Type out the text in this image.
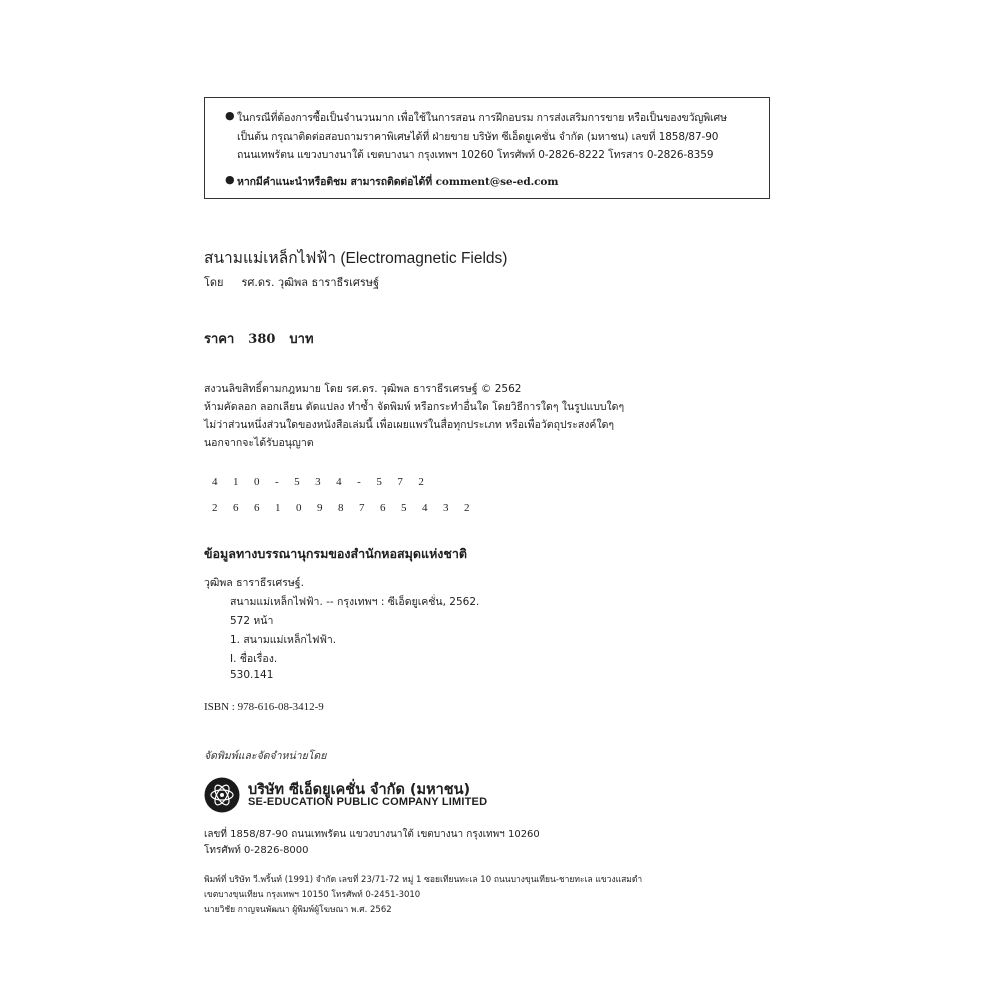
● ในกรณีที่ต้องการซื้อเป็นจำนวนมาก เพื่อใช้ในการสอน การฝึกอบรม การส่งเสริมการขาย หรือเป็นของขวัญพิเศษ
เป็นต้น กรุณาติดต่อสอบถามราคาพิเศษได้ที่ ฝ่ายขาย บริษัท ซีเอ็ดยูเคชั่น จำกัด (มหาชน) เลขที่ 1858/87-90
ถนนเทพรัตน แขวงบางนาใต้ เขตบางนา กรุงเทพฯ 10260 โทรศัพท์ 0-2826-8222 โทรสาร 0-2826-8359
● หากมีคำแนะนำหรือติชม สามารถติดต่อได้ที่ comment@se-ed.com
สนามแม่เหล็กไฟฟ้า (Electromagnetic Fields)
โดย รศ.ดร. วุฒิพล ธาราธีรเศรษฐ์
ราคา 380 บาท
สงวนลิขสิทธิ์ตามกฎหมาย โดย รศ.ดร. วุฒิพล ธาราธีรเศรษฐ์ © 2562
ห้ามคัดลอก ลอกเลียน ดัดแปลง ทำซ้ำ จัดพิมพ์ หรือกระทำอื่นใด โดยวิธีการใดๆ ในรูปแบบใดๆ
ไม่ว่าส่วนหนึ่งส่วนใดของหนังสือเล่มนี้ เพื่อเผยแพร่ในสื่อทุกประเภท หรือเพื่อวัตถุประสงค์ใดๆ
นอกจากจะได้รับอนุญาต
410-534-572
2661098765432
ข้อมูลทางบรรณานุกรมของสำนักหอสมุดแห่งชาติ
วุฒิพล ธาราธีรเศรษฐ์.
สนามแม่เหล็กไฟฟ้า. -- กรุงเทพฯ : ซีเอ็ดยูเคชั่น, 2562.
572 หน้า
1. สนามแม่เหล็กไฟฟ้า.
I. ชื่อเรื่อง.
530.141
ISBN : 978-616-08-3412-9
จัดพิมพ์และจัดจำหน่ายโดย
บริษัท ซีเอ็ดยูเคชั่น จำกัด (มหาชน)
SE-EDUCATION PUBLIC COMPANY LIMITED
เลขที่ 1858/87-90 ถนนเทพรัตน แขวงบางนาใต้ เขตบางนา กรุงเทพฯ 10260
โทรศัพท์ 0-2826-8000
พิมพ์ที่ บริษัท วี.พริ้นท์ (1991) จำกัด เลขที่ 23/71-72 หมู่ 1 ซอยเทียนทะเล 10 ถนนบางขุนเทียน-ชายทะเล แขวงแสมดำ
เขตบางขุนเทียน กรุงเทพฯ 10150 โทรศัพท์ 0-2451-3010
นายวิชัย กาญจนพัฒนา ผู้พิมพ์ผู้โฆษณา พ.ศ. 2562
